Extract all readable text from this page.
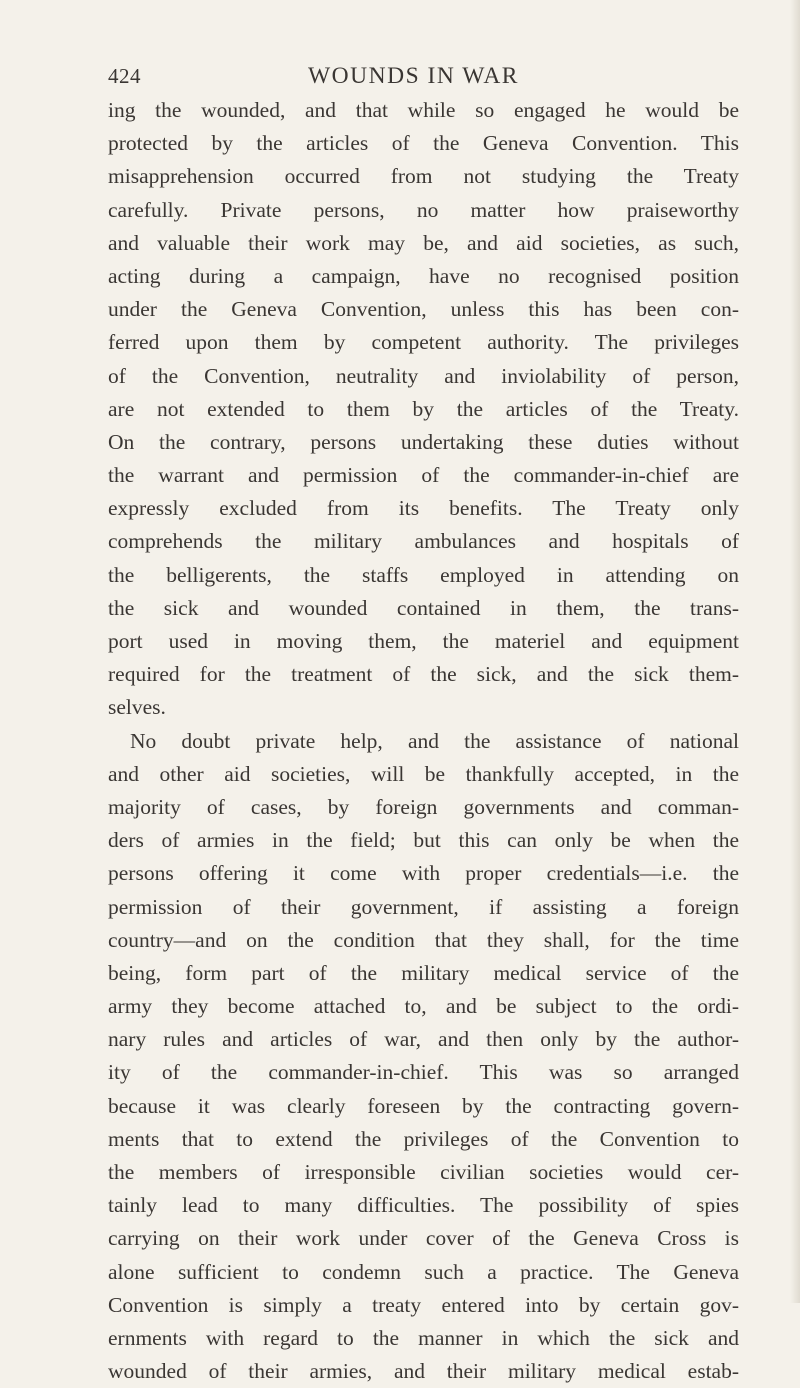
424	WOUNDS IN WAR
ing the wounded, and that while so engaged he would be
protected by the articles of the Geneva Convention. This
misapprehension occurred from not studying the Treaty
carefully. Private persons, no matter how praiseworthy
and valuable their work may be, and aid societies, as such,
acting during a campaign, have no recognised position
under the Geneva Convention, unless this has been con-
ferred upon them by competent authority. The privileges
of the Convention, neutrality and inviolability of person,
are not extended to them by the articles of the Treaty.
On the contrary, persons undertaking these duties without
the warrant and permission of the commander-in-chief are
expressly excluded from its benefits. The Treaty only
comprehends the military ambulances and hospitals of
the belligerents, the staffs employed in attending on
the sick and wounded contained in them, the trans-
port used in moving them, the materiel and equipment
required for the treatment of the sick, and the sick them-
selves.
No doubt private help, and the assistance of national
and other aid societies, will be thankfully accepted, in the
majority of cases, by foreign governments and comman-
ders of armies in the field; but this can only be when the
persons offering it come with proper credentials—i.e. the
permission of their government, if assisting a foreign
country—and on the condition that they shall, for the time
being, form part of the military medical service of the
army they become attached to, and be subject to the ordi-
nary rules and articles of war, and then only by the author-
ity of the commander-in-chief. This was so arranged
because it was clearly foreseen by the contracting govern-
ments that to extend the privileges of the Convention to
the members of irresponsible civilian societies would cer-
tainly lead to many difficulties. The possibility of spies
carrying on their work under cover of the Geneva Cross is
alone sufficient to condemn such a practice. The Geneva
Convention is simply a treaty entered into by certain gov-
ernments with regard to the manner in which the sick and
wounded of their armies, and their military medical estab-
